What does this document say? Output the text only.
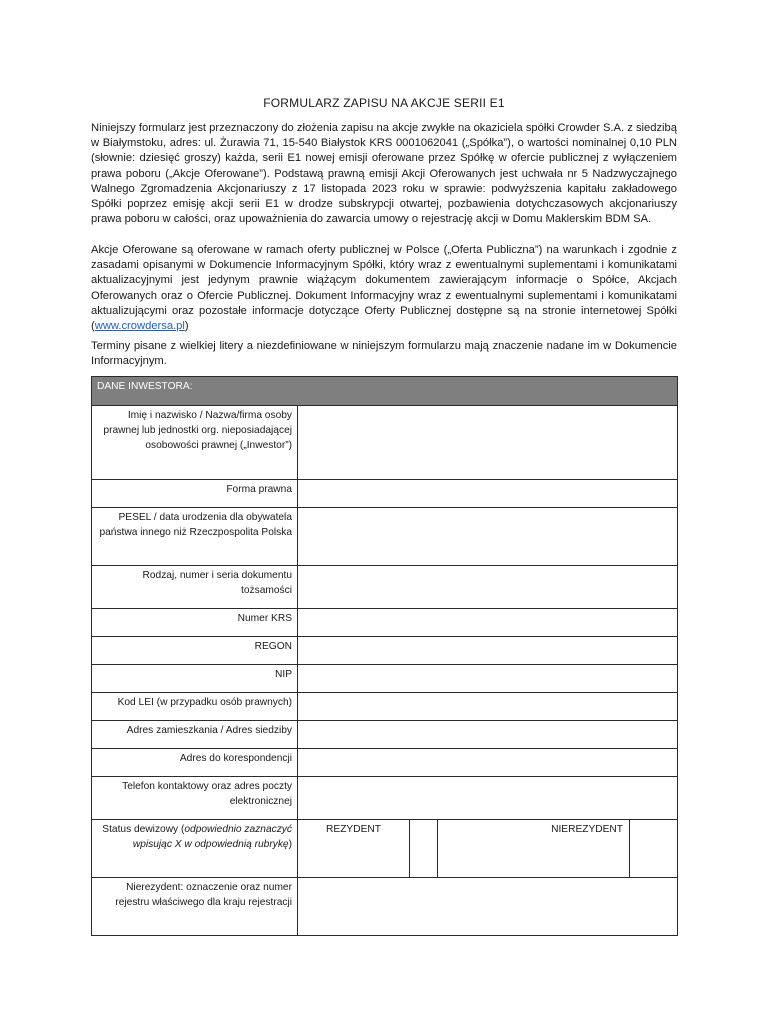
FORMULARZ ZAPISU NA AKCJE SERII E1

Niniejszy formularz jest przeznaczony do złożenia zapisu na akcje zwykłe na okaziciela spółki Crowder S.A. z siedzibą w Białymstoku, adres: ul. Żurawia 71, 15-540 Białystok KRS 0001062041 („Spółka”), o wartości nominalnej 0,10 PLN (słownie: dziesięć groszy) każda, serii E1 nowej emisji oferowane przez Spółkę w ofercie publicznej z wyłączeniem prawa poboru („Akcje Oferowane”). Podstawą prawną emisji Akcji Oferowanych jest uchwała nr 5 Nadzwyczajnego Walnego Zgromadzenia Akcjonariuszy z 17 listopada 2023 roku w sprawie: podwyższenia kapitału zakładowego Spółki poprzez emisję akcji serii E1 w drodze subskrypcji otwartej, pozbawienia dotychczasowych akcjonariuszy prawa poboru w całości, oraz upoważnienia do zawarcia umowy o rejestrację akcji w Domu Maklerskim BDM SA.

Akcje Oferowane są oferowane w ramach oferty publicznej w Polsce („Oferta Publiczna”) na warunkach i zgodnie z zasadami opisanymi w Dokumencie Informacyjnym Spółki, który wraz z ewentualnymi suplementami i komunikatami aktualizacyjnymi jest jedynym prawnie wiążącym dokumentem zawierającym informacje o Spółce, Akcjach Oferowanych oraz o Ofercie Publicznej. Dokument Informacyjny wraz z ewentualnymi suplementami i komunikatami aktualizującymi oraz pozostałe informacje dotyczące Oferty Publicznej dostępne są na stronie internetowej Spółki (www.crowdersa.pl)

Terminy pisane z wielkiej litery a niezdefiniowane w niniejszym formularzu mają znaczenie nadane im w Dokumencie Informacyjnym.

DANE INWESTORA:				
Imię i nazwisko / Nazwa/firma osoby prawnej lub jednostki org. nieposiadającej osobowości prawnej („Inwestor”)				
Forma prawna				
PESEL / data urodzenia dla obywatela państwa innego niż Rzeczpospolita Polska				
Rodzaj, numer i seria dokumentu tożsamości				
Numer KRS				
REGON				
NIP				
Kod LEI (w przypadku osób prawnych)				
Adres zamieszkania / Adres siedziby				
Adres do korespondencji				
Telefon kontaktowy oraz adres poczty elektronicznej				
Status dewizowy (odpowiednio zaznaczyć wpisując X w odpowiednią rubrykę)	REZYDENT		NIEREZYDENT	
Nierezydent: oznaczenie oraz numer rejestru właściwego dla kraju rejestracji				
